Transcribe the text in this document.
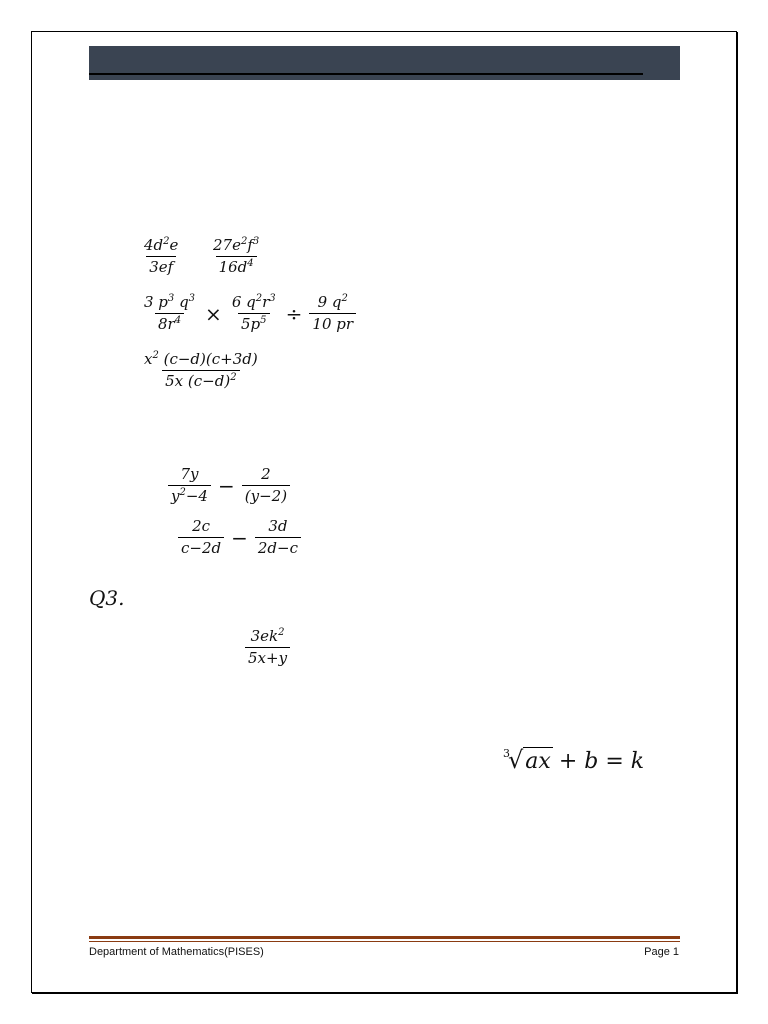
$\frac{4d^2e}{3ef} \frac{27e^2f^3}{16d^4}$
$\frac{3 p^3 q^3}{8r^4} \times \frac{6 q^2r^3}{5p^5} \div \frac{9 q^2}{10 pr}$
$\frac{x^2 (c-d)(c+3d)}{5x (c-d)^2}$
$\frac{7y}{y^2-4} - \frac{2}{(y-2)}$
$\frac{2c}{c-2d} - \frac{3d}{2d-c}$
Q3.
$\frac{3ek^2}{5x+y}$
3
√ ax + b = k
Department of Mathematics(PISES)	Page 1
